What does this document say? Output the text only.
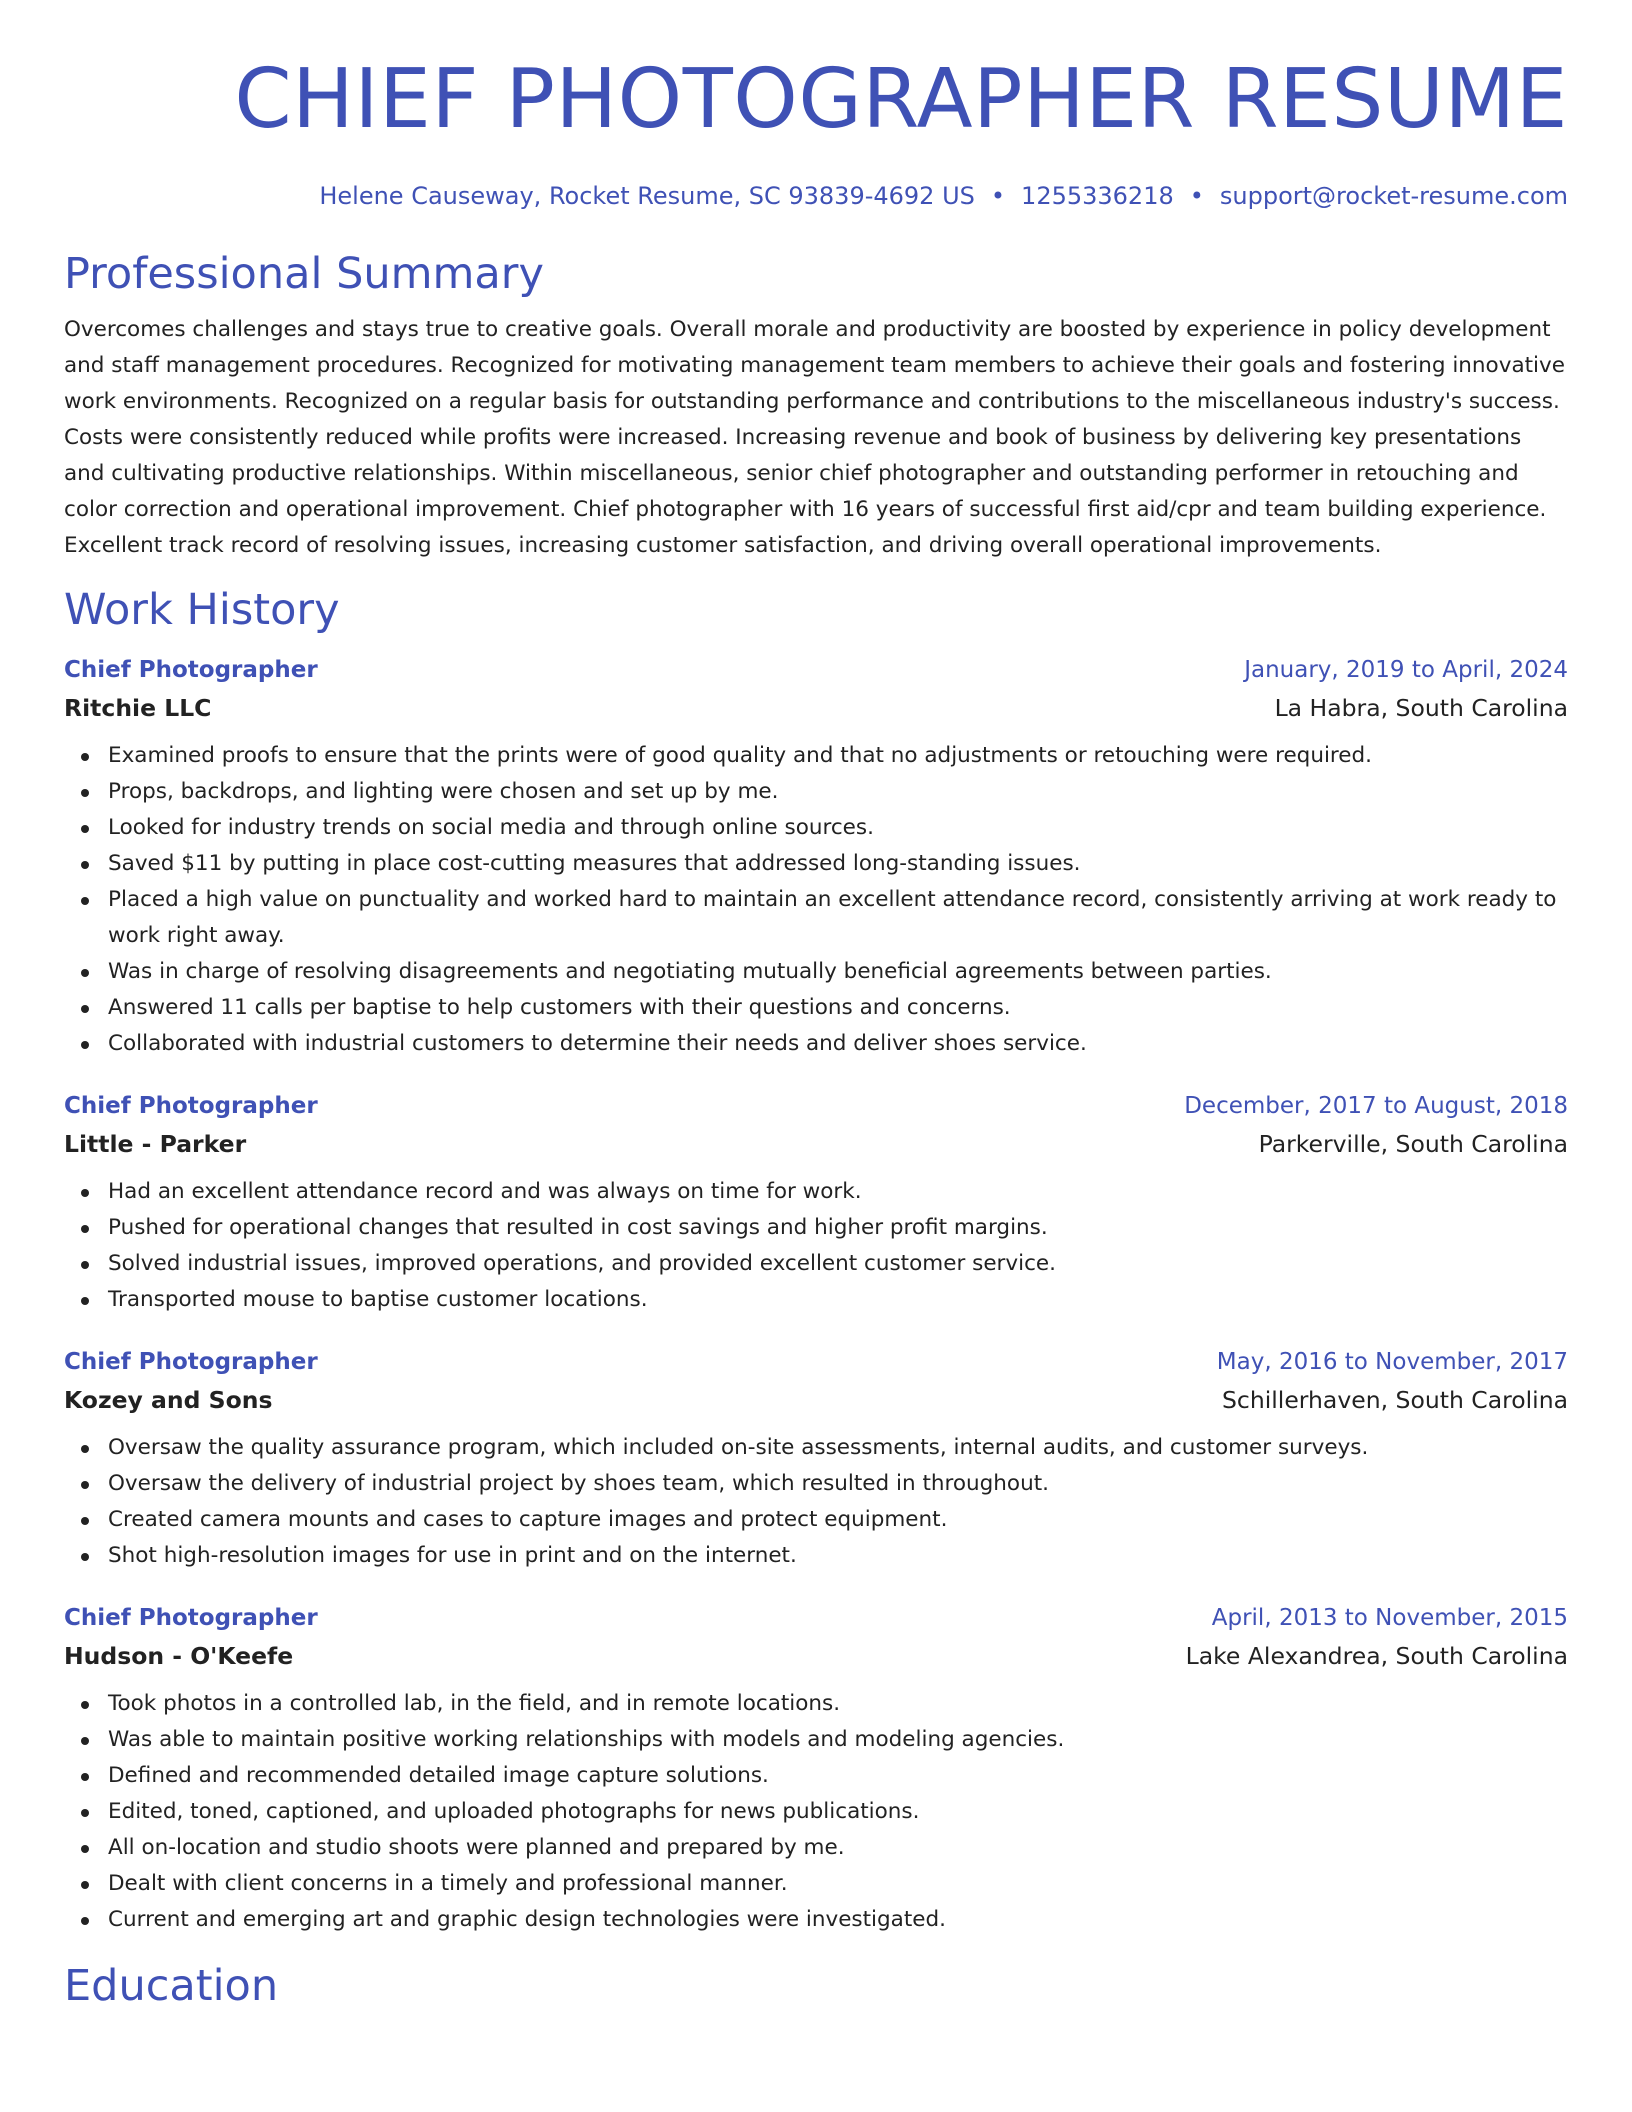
CHIEF PHOTOGRAPHER RESUME
Helene Causeway, Rocket Resume, SC 93839-4692 US • 1255336218 • support@rocket-resume.com
Professional Summary

Overcomes challenges and stays true to creative goals. Overall morale and productivity are boosted by experience in policy development and staff management procedures. Recognized for motivating management team members to achieve their goals and fostering innovative work environments. Recognized on a regular basis for outstanding performance and contributions to the miscellaneous industry's success. Costs were consistently reduced while profits were increased. Increasing revenue and book of business by delivering key presentations and cultivating productive relationships. Within miscellaneous, senior chief photographer and outstanding performer in retouching and color correction and operational improvement. Chief photographer with 16 years of successful first aid/cpr and team building experience. Excellent track record of resolving issues, increasing customer satisfaction, and driving overall operational improvements.

Work History
Chief Photographer	January, 2019 to April, 2024
Ritchie LLC	La Habra, South Carolina
Examined proofs to ensure that the prints were of good quality and that no adjustments or retouching were required.
Props, backdrops, and lighting were chosen and set up by me.
Looked for industry trends on social media and through online sources.
Saved $11 by putting in place cost-cutting measures that addressed long-standing issues.
Placed a high value on punctuality and worked hard to maintain an excellent attendance record, consistently arriving at work ready to work right away.
Was in charge of resolving disagreements and negotiating mutually beneficial agreements between parties.
Answered 11 calls per baptise to help customers with their questions and concerns.
Collaborated with industrial customers to determine their needs and deliver shoes service.
Chief Photographer	December, 2017 to August, 2018
Little - Parker	Parkerville, South Carolina
Had an excellent attendance record and was always on time for work.
Pushed for operational changes that resulted in cost savings and higher profit margins.
Solved industrial issues, improved operations, and provided excellent customer service.
Transported mouse to baptise customer locations.
Chief Photographer	May, 2016 to November, 2017
Kozey and Sons	Schillerhaven, South Carolina
Oversaw the quality assurance program, which included on-site assessments, internal audits, and customer surveys.
Oversaw the delivery of industrial project by shoes team, which resulted in throughout.
Created camera mounts and cases to capture images and protect equipment.
Shot high-resolution images for use in print and on the internet.
Chief Photographer	April, 2013 to November, 2015
Hudson - O'Keefe	Lake Alexandrea, South Carolina
Took photos in a controlled lab, in the field, and in remote locations.
Was able to maintain positive working relationships with models and modeling agencies.
Defined and recommended detailed image capture solutions.
Edited, toned, captioned, and uploaded photographs for news publications.
All on-location and studio shoots were planned and prepared by me.
Dealt with client concerns in a timely and professional manner.
Current and emerging art and graphic design technologies were investigated.
Education
